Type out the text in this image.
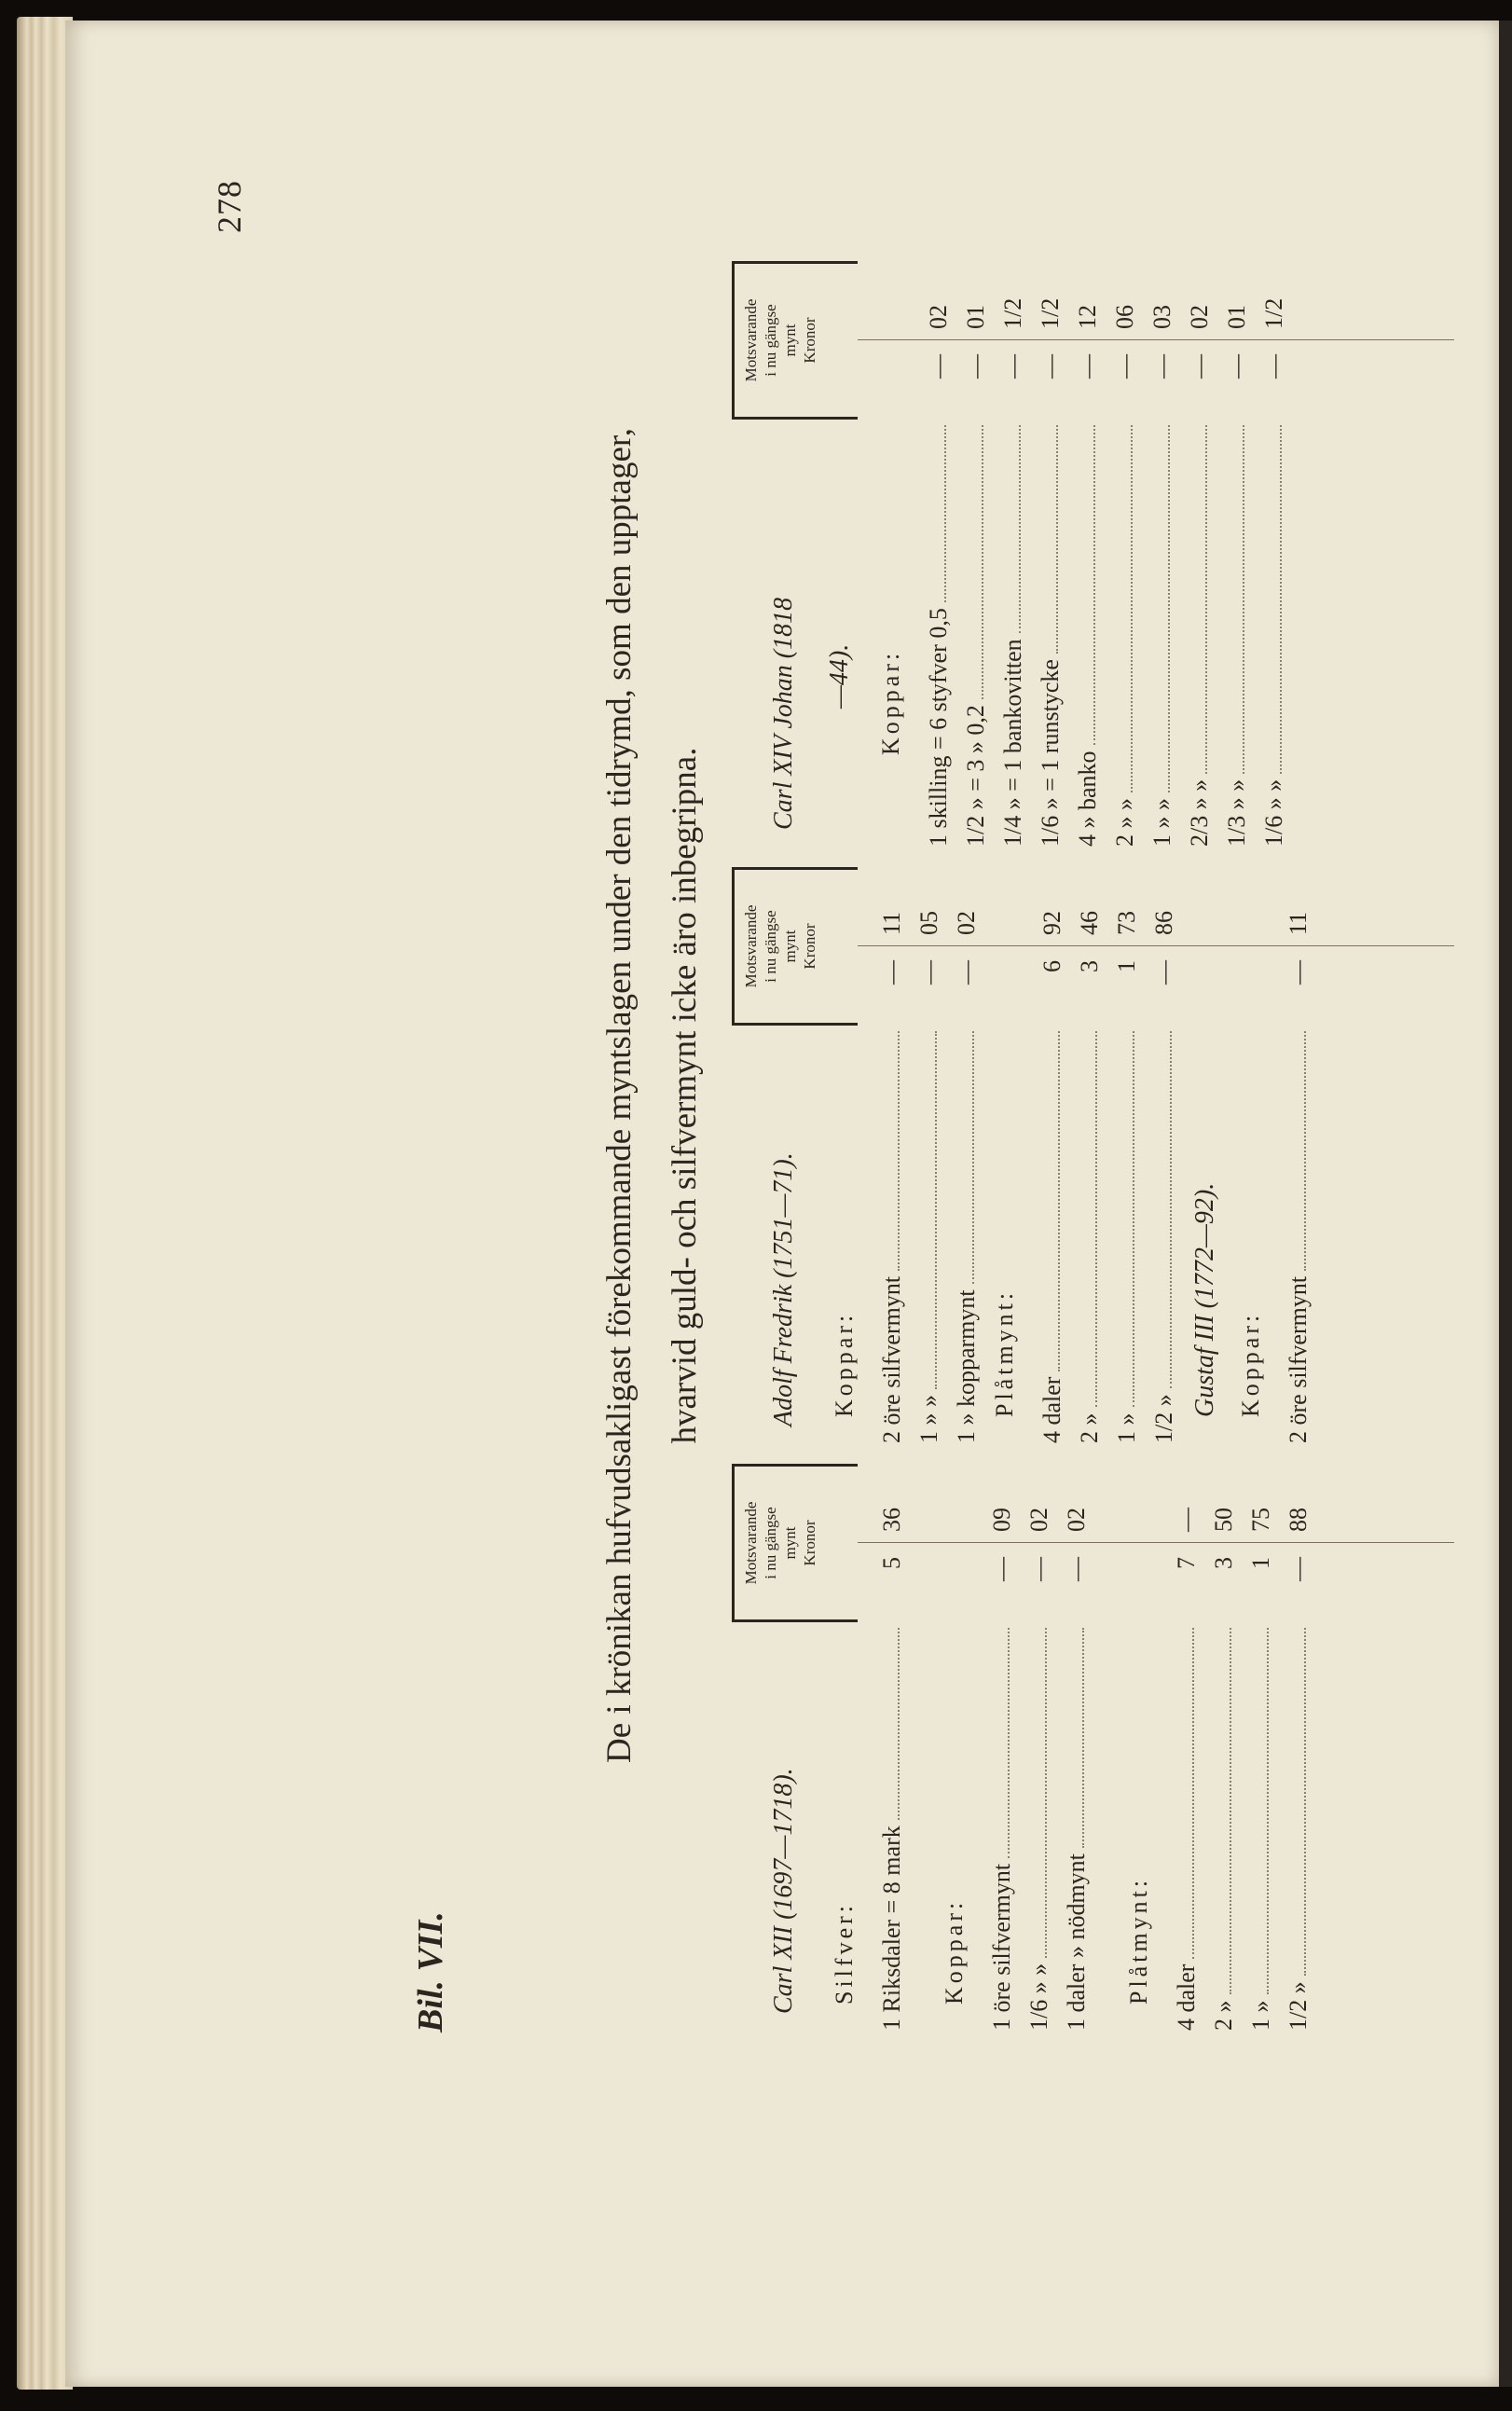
278
Bil. VII.
De i krönikan hufvudsakligast förekommande myntslagen under den tidrymd, som den upptager, hvarvid guld- och silfvermynt icke äro inbegripna.
Motsvarande i nu gängse mynt Kronor
Carl XII (1697—1718). Silfver: 1 Riksdaler = 8 mark
5
36
Koppar: 1 öre silfvermynt
—
09
1/6 » »
—
02
1 daler » nödmynt
—
02
Plåtmynt: 4 daler
7
—
2 »
3
50
1 »
1
75
1/2 »
—
88
Motsvarande i nu gängse mynt Kronor
Adolf Fredrik (1751—71). Koppar: 2 öre silfvermynt
—
11
1 » »
—
05
1 » kopparmynt
—
02
Plåtmynt: 4 daler
6
92
2 »
3
46
1 »
1
73
1/2 »
—
86
Gustaf III (1772—92). Koppar: 2 öre silfvermynt
—
11
Motsvarande i nu gängse mynt Kronor
Carl XIV Johan (1818 —44). Koppar: 1 skilling = 6 styfver 0,5
—
02
1/2 » = 3 » 0,2
—
01
1/4 » = 1 bankovitten
—
1/2
1/6 » = 1 runstycke
—
1/2
4 » banko
—
12
2 » »
—
06
1 » »
—
03
2/3 » »
—
02
1/3 » »
—
01
1/6 » »
—
1/2
